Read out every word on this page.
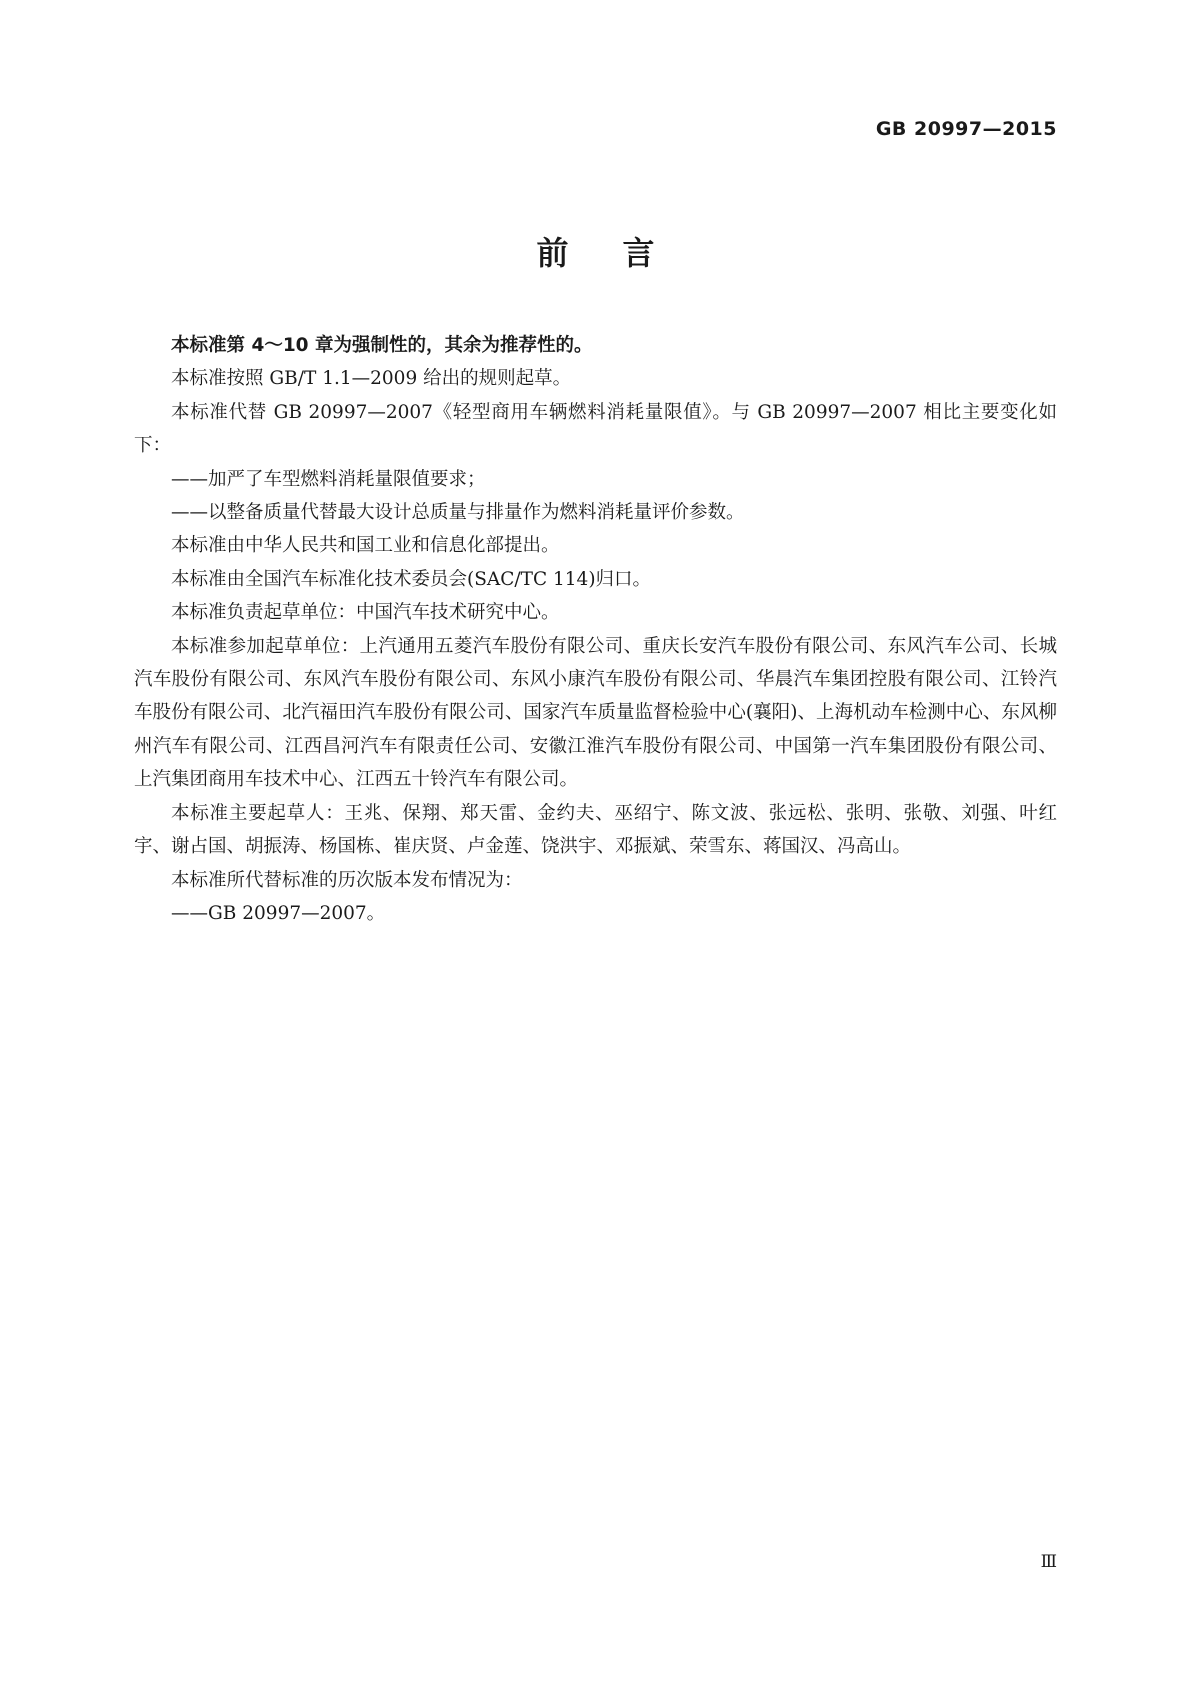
GB 20997—2015
前言

本标准第 4～10 章为强制性的，其余为推荐性的。

本标准按照 GB/T 1.1—2009 给出的规则起草。

本标准代替 GB 20997—2007《轻型商用车辆燃料消耗量限值》。与 GB 20997—2007 相比主要变化如下：

——加严了车型燃料消耗量限值要求；

——以整备质量代替最大设计总质量与排量作为燃料消耗量评价参数。

本标准由中华人民共和国工业和信息化部提出。

本标准由全国汽车标准化技术委员会(SAC/TC 114)归口。

本标准负责起草单位：中国汽车技术研究中心。

本标准参加起草单位：上汽通用五菱汽车股份有限公司、重庆长安汽车股份有限公司、东风汽车公司、长城汽车股份有限公司、东风汽车股份有限公司、东风小康汽车股份有限公司、华晨汽车集团控股有限公司、江铃汽车股份有限公司、北汽福田汽车股份有限公司、国家汽车质量监督检验中心(襄阳)、上海机动车检测中心、东风柳州汽车有限公司、江西昌河汽车有限责任公司、安徽江淮汽车股份有限公司、中国第一汽车集团股份有限公司、上汽集团商用车技术中心、江西五十铃汽车有限公司。

本标准主要起草人：王兆、保翔、郑天雷、金约夫、巫绍宁、陈文波、张远松、张明、张敬、刘强、叶红宇、谢占国、胡振涛、杨国栋、崔庆贤、卢金莲、饶洪宇、邓振斌、荣雪东、蒋国汉、冯高山。

本标准所代替标准的历次版本发布情况为：

——GB 20997—2007。

Ⅲ
